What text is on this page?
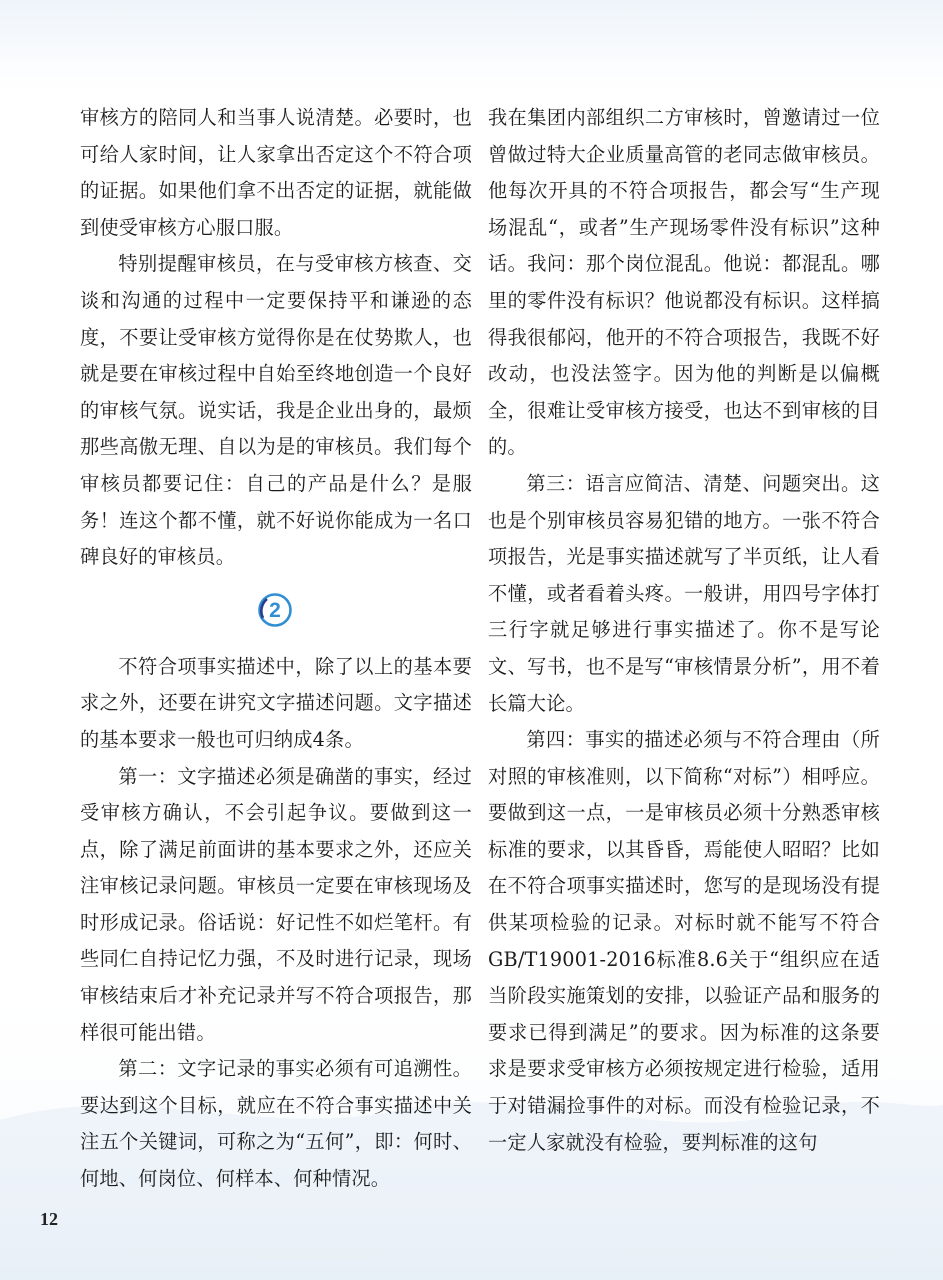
审核方的陪同人和当事人说清楚。必要时，也可给人家时间，让人家拿出否定这个不符合项的证据。如果他们拿不出否定的证据，就能做到使受审核方心服口服。

特别提醒审核员，在与受审核方核查、交谈和沟通的过程中一定要保持平和谦逊的态度，不要让受审核方觉得你是在仗势欺人，也就是要在审核过程中自始至终地创造一个良好的审核气氛。说实话，我是企业出身的，最烦那些高傲无理、自以为是的审核员。我们每个审核员都要记住：自己的产品是什么？是服务！连这个都不懂，就不好说你能成为一名口碑良好的审核员。

2

不符合项事实描述中，除了以上的基本要求之外，还要在讲究文字描述问题。文字描述的基本要求一般也可归纳成4条。

第一：文字描述必须是确凿的事实，经过受审核方确认，不会引起争议。要做到这一点，除了满足前面讲的基本要求之外，还应关注审核记录问题。审核员一定要在审核现场及时形成记录。俗话说：好记性不如烂笔杆。有些同仁自持记忆力强，不及时进行记录，现场审核结束后才补充记录并写不符合项报告，那样很可能出错。

第二：文字记录的事实必须有可追溯性。要达到这个目标，就应在不符合事实描述中关注五个关键词，可称之为“五何”，即：何时、何地、何岗位、何样本、何种情况。

我在集团内部组织二方审核时，曾邀请过一位曾做过特大企业质量高管的老同志做审核员。他每次开具的不符合项报告，都会写“生产现场混乱“，或者”生产现场零件没有标识”这种话。我问：那个岗位混乱。他说：都混乱。哪里的零件没有标识？他说都没有标识。这样搞得我很郁闷，他开的不符合项报告，我既不好改动，也没法签字。因为他的判断是以偏概全，很难让受审核方接受，也达不到审核的目的。

第三：语言应简洁、清楚、问题突出。这也是个别审核员容易犯错的地方。一张不符合项报告，光是事实描述就写了半页纸，让人看不懂，或者看着头疼。一般讲，用四号字体打三行字就足够进行事实描述了。你不是写论文、写书，也不是写“审核情景分析”，用不着长篇大论。

第四：事实的描述必须与不符合理由（所对照的审核准则，以下简称“对标”）相呼应。要做到这一点，一是审核员必须十分熟悉审核标准的要求，以其昏昏，焉能使人昭昭？比如在不符合项事实描述时，您写的是现场没有提供某项检验的记录。对标时就不能写不符合GB/T19001-2016标准8.6关于“组织应在适当阶段实施策划的安排，以验证产品和服务的要求已得到满足”的要求。因为标准的这条要求是要求受审核方必须按规定进行检验，适用于对错漏捡事件的对标。而没有检验记录，不一定人家就没有检验，要判标准的这句

12
